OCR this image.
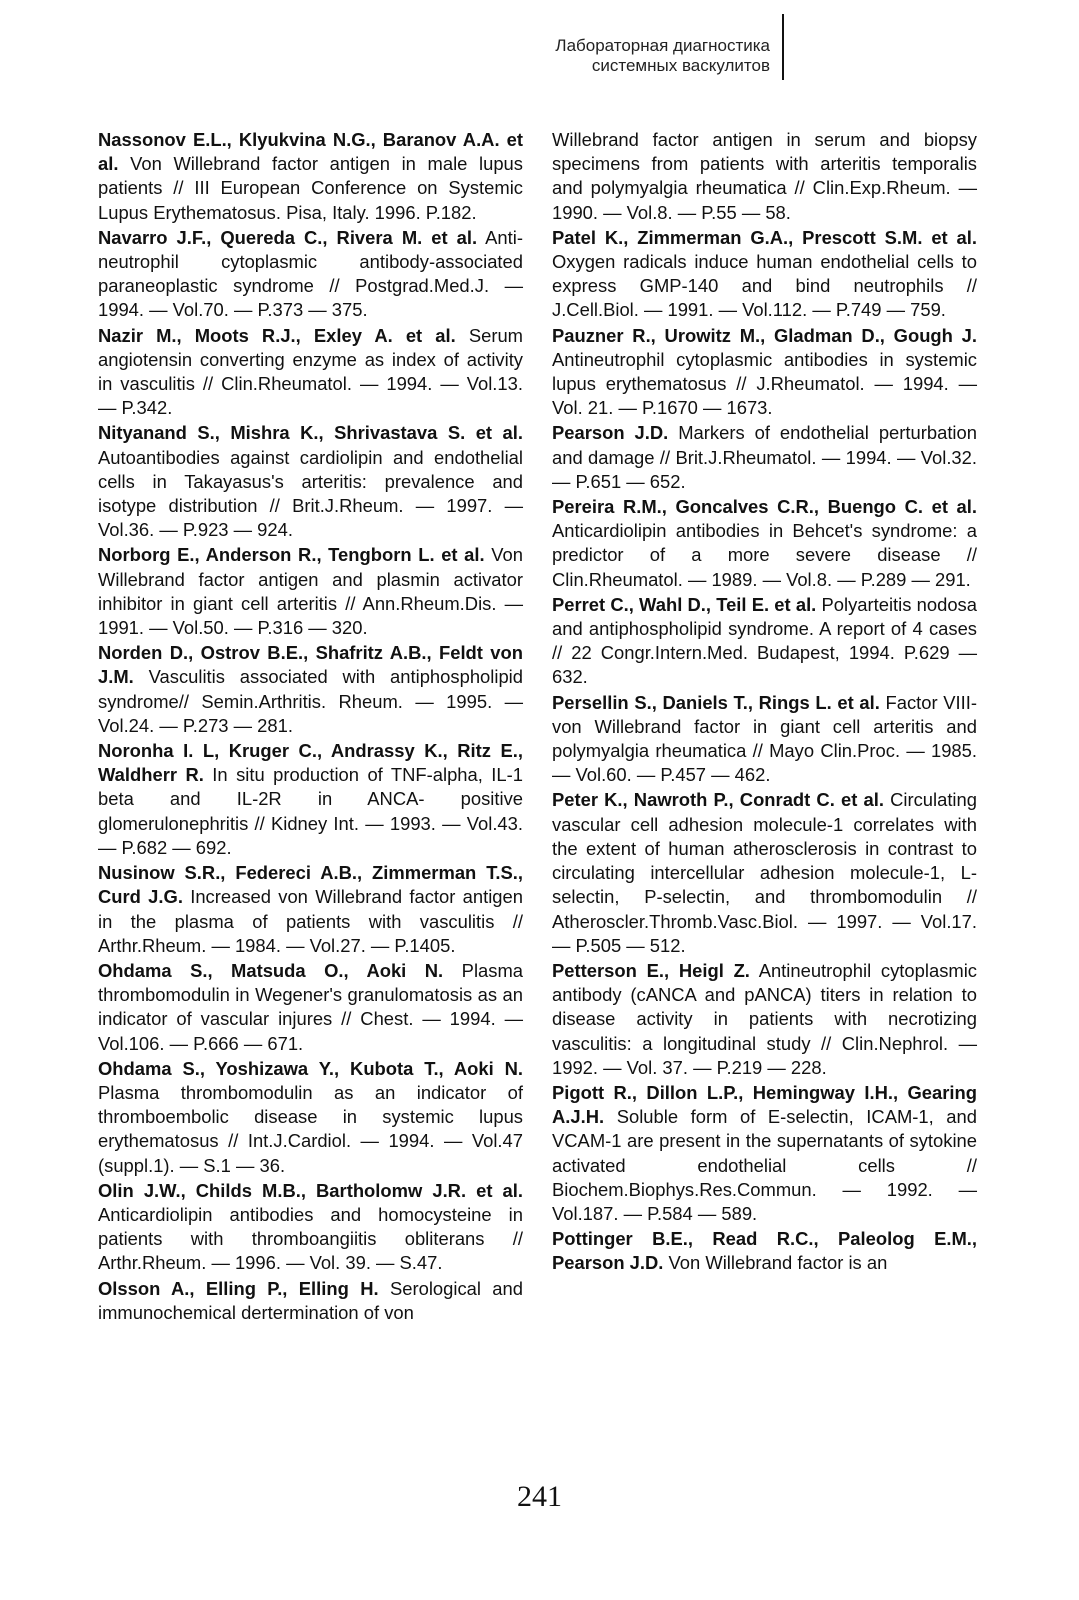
Лабораторная диагностика
системных васкулитов

Nassonov E.L., Klyukvina N.G., Baranov A.A. et al. Von Willebrand factor antigen in male lupus patients // III European Conference on Systemic Lupus Erythematosus. Pisa, Italy. 1996. P.182.

Navarro J.F., Quereda C., Rivera M. et al. Anti-neutrophil cytoplasmic antibody-associated paraneoplastic syndrome // Postgrad.Med.J. — 1994. — Vol.70. — P.373 — 375.

Nazir M., Moots R.J., Exley A. et al. Serum angiotensin converting enzyme as index of activity in vasculitis // Clin.Rheumatol. — 1994. — Vol.13. — P.342.

Nityanand S., Mishra K., Shrivastava S. et al. Autoantibodies against cardiolipin and endothelial cells in Takayasus's arteritis: prevalence and isotype distribution // Brit.J.Rheum. — 1997. — Vol.36. — P.923 — 924.

Norborg E., Anderson R., Tengborn L. et al. Von Willebrand factor antigen and plasmin activator inhibitor in giant cell arteritis // Ann.Rheum.Dis. — 1991. — Vol.50. — P.316 — 320.

Norden D., Ostrov B.E., Shafritz A.B., Feldt von J.M. Vasculitis associated with antiphospholipid syndrome// Semin.Arthritis. Rheum. — 1995. — Vol.24. — P.273 — 281.

Noronha I. L, Kruger C., Andrassy K., Ritz E., Waldherr R. In situ production of TNF-alpha, IL-1 beta and IL-2R in ANCA- positive glomerulonephritis // Kidney Int. — 1993. — Vol.43. — P.682 — 692.

Nusinow S.R., Federeci A.B., Zimmerman T.S., Curd J.G. Increased von Willebrand factor antigen in the plasma of patients with vasculitis // Arthr.Rheum. — 1984. — Vol.27. — P.1405.

Ohdama S., Matsuda O., Aoki N. Plasma thrombomodulin in Wegener's granulomatosis as an indicator of vascular injures // Chest. — 1994. — Vol.106. — P.666 — 671.

Ohdama S., Yoshizawa Y., Kubota T., Aoki N. Plasma thrombomodulin as an indicator of thromboembolic disease in systemic lupus erythematosus // Int.J.Cardiol. — 1994. — Vol.47 (suppl.1). — S.1 — 36.

Olin J.W., Childs M.B., Bartholomw J.R. et al. Anticardiolipin antibodies and homocysteine in patients with thromboangiitis obliterans // Arthr.Rheum. — 1996. — Vol. 39. — S.47.

Olsson A., Elling P., Elling H. Serological and immunochemical dertermination of von

Willebrand factor antigen in serum and biopsy specimens from patients with arteritis temporalis and polymyalgia rheumatica // Clin.Exp.Rheum. — 1990. — Vol.8. — P.55 — 58.

Patel K., Zimmerman G.A., Prescott S.M. et al. Oxygen radicals induce human endothelial cells to express GMP-140 and bind neutrophils // J.Cell.Biol. — 1991. — Vol.112. — P.749 — 759.

Pauzner R., Urowitz M., Gladman D., Gough J. Antineutrophil cytoplasmic antibodies in systemic lupus erythematosus // J.Rheumatol. — 1994. — Vol. 21. — P.1670 — 1673.

Pearson J.D. Markers of endothelial perturbation and damage // Brit.J.Rheumatol. — 1994. — Vol.32. — P.651 — 652.

Pereira R.M., Goncalves C.R., Buengo C. et al. Anticardiolipin antibodies in Behcet's syndrome: a predictor of a more severe disease // Clin.Rheumatol. — 1989. — Vol.8. — P.289 — 291.

Perret C., Wahl D., Teil E. et al. Polyarteitis nodosa and antiphospholipid syndrome. A report of 4 cases // 22 Congr.Intern.Med. Budapest, 1994. P.629 — 632.

Persellin S., Daniels T., Rings L. et al. Factor VIII-von Willebrand factor in giant cell arteritis and polymyalgia rheumatica // Mayo Clin.Proc. — 1985. — Vol.60. — P.457 — 462.

Peter K., Nawroth P., Conradt C. et al. Circulating vascular cell adhesion molecule-1 correlates with the extent of human atherosclerosis in contrast to circulating intercellular adhesion molecule-1, L-selectin, P-selectin, and thrombomodulin // Atheroscler.Thromb.Vasc.Biol. — 1997. — Vol.17. — P.505 — 512.

Petterson E., Heigl Z. Antineutrophil cytoplasmic antibody (cANCA and pANCA) titers in relation to disease activity in patients with necrotizing vasculitis: a longitudinal study // Clin.Nephrol. — 1992. — Vol. 37. — P.219 — 228.

Pigott R., Dillon L.P., Hemingway I.H., Gearing A.J.H. Soluble form of E-selectin, ICAM-1, and VCAM-1 are present in the supernatants of sytokine activated endothelial cells // Biochem.Biophys.Res.Commun. — 1992. — Vol.187. — P.584 — 589.

Pottinger B.E., Read R.C., Paleolog E.M., Pearson J.D. Von Willebrand factor is an

241
